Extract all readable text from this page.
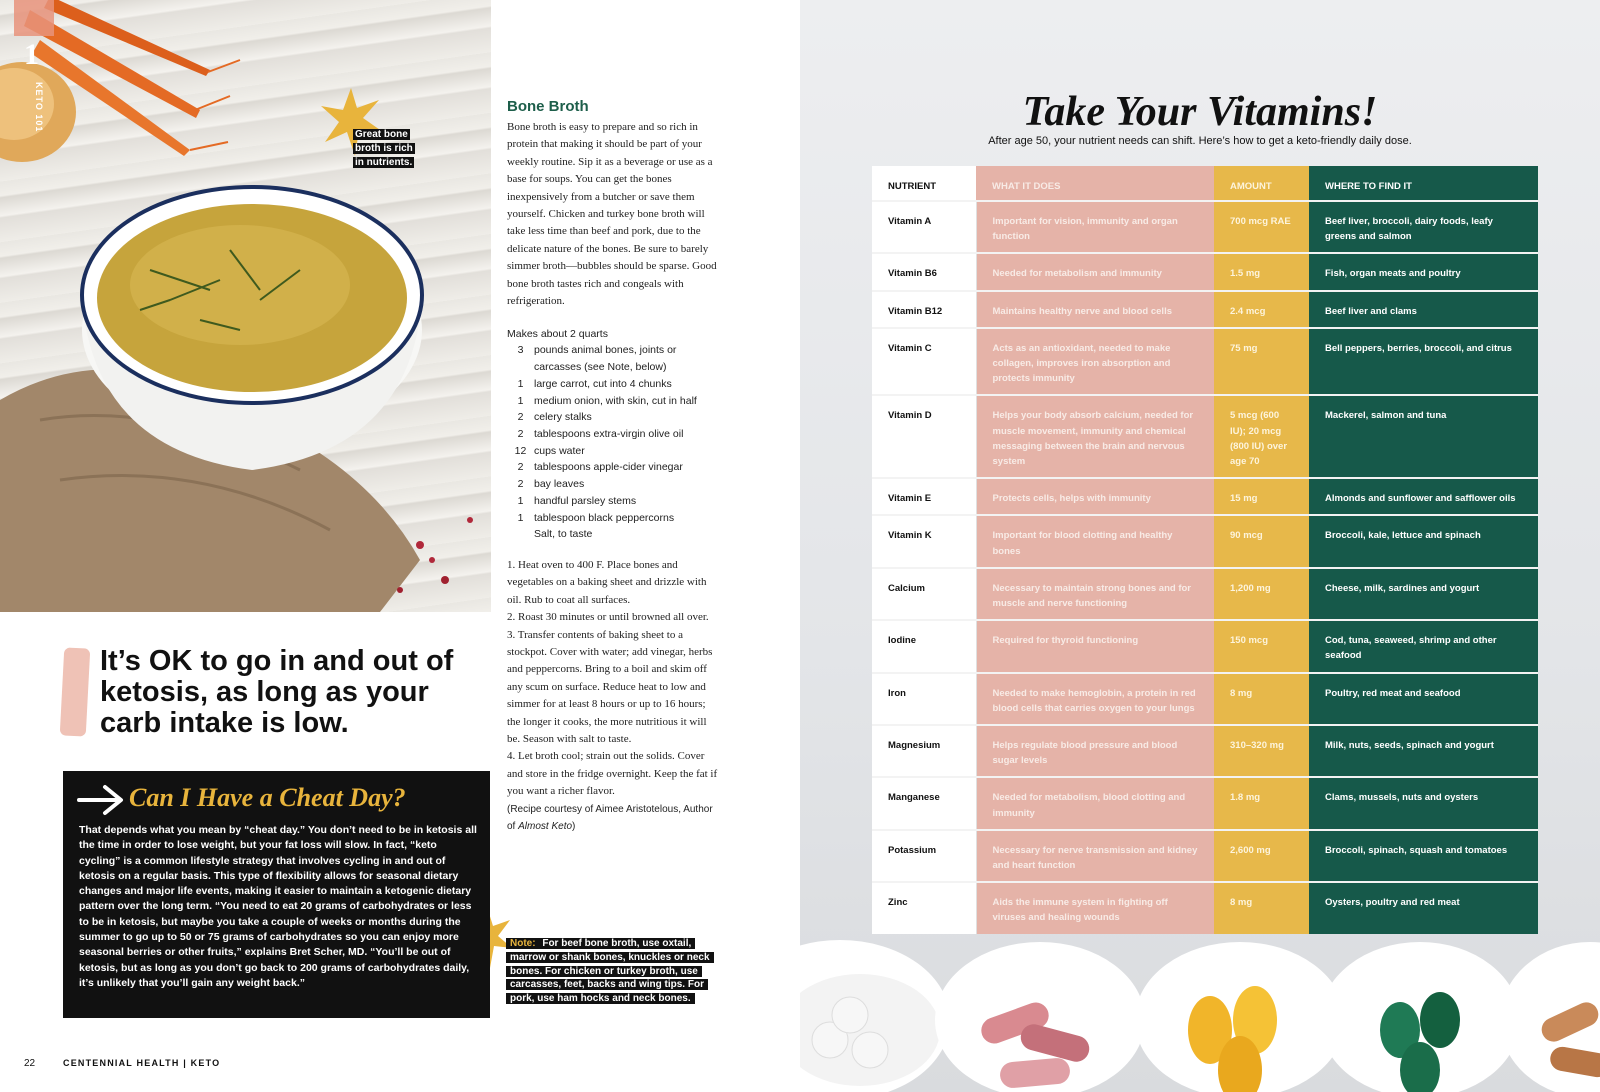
1
KETO 101
Great bone
broth is rich
in nutrients.
Bone Broth

Bone broth is easy to prepare and so rich in protein that making it should be part of your weekly routine. Sip it as a beverage or use as a base for soups. You can get the bones inexpensively from a butcher or save them yourself. Chicken and turkey bone broth will take less time than beef and pork, due to the delicate nature of the bones. Be sure to barely simmer broth—bubbles should be sparse. Good bone broth tastes rich and congeals with refrigeration.

Makes about 2 quarts
3	pounds animal bones, joints or carcasses (see Note, below)
1	large carrot, cut into 4 chunks
1	medium onion, with skin, cut in half
2	celery stalks
2	tablespoons extra-virgin olive oil
12 cups water
2	tablespoons apple-cider vinegar
2	bay leaves
1	handful parsley stems
1	tablespoon black peppercorns
Salt, to taste

1. Heat oven to 400 F. Place bones and vegetables on a baking sheet and drizzle with oil. Rub to coat all surfaces.

2. Roast 30 minutes or until browned all over.

3. Transfer contents of baking sheet to a stockpot. Cover with water; add vinegar, herbs and peppercorns. Bring to a boil and skim off any scum on surface. Reduce heat to low and simmer for at least 8 hours or up to 16 hours; the longer it cooks, the more nutritious it will be. Season with salt to taste.

4. Let broth cool; strain out the solids. Cover and store in the fridge overnight. Keep the fat if you want a richer flavor.

(Recipe courtesy of Aimee Aristotelous, Author of Almost Keto)

Note: For beef bone broth, use oxtail, marrow or shank bones, knuckles or neck bones. For chicken or turkey broth, use carcasses, feet, backs and wing tips. For pork, use ham hocks and neck bones.
It’s OK to go in and out of ketosis, as long as your carb intake is low.
Can I Have a Cheat Day?

That depends what you mean by “cheat day.” You don’t need to be in ketosis all the time in order to lose weight, but your fat loss will slow. In fact, “keto cycling” is a common lifestyle strategy that involves cycling in and out of ketosis on a regular basis. This type of flexibility allows for seasonal dietary changes and major life events, making it easier to maintain a ketogenic dietary pattern over the long term. “You need to eat 20 grams of carbohydrates or less to be in ketosis, but maybe you take a couple of weeks or months during the summer to go up to 50 or 75 grams of carbohydrates so you can enjoy more seasonal berries or other fruits,” explains Bret Scher, MD. “You’ll be out of ketosis, but as long as you don’t go back to 200 grams of carbohydrates daily, it’s unlikely that you’ll gain any weight back.”

22	CENTENNIAL HEALTH | KETO
Take Your Vitamins!
After age 50, your nutrient needs can shift. Here’s how to get a keto-friendly daily dose.
NUTRIENT	WHAT IT DOES	AMOUNT	WHERE TO FIND IT
Vitamin A	Important for vision, immunity and organ function	700 mcg RAE	Beef liver, broccoli, dairy foods, leafy greens and salmon
Vitamin B6	Needed for metabolism and immunity	1.5 mg	Fish, organ meats and poultry
Vitamin B12	Maintains healthy nerve and blood cells	2.4 mcg	Beef liver and clams
Vitamin C	Acts as an antioxidant, needed to make collagen, improves iron absorption and protects immunity	75 mg	Bell peppers, berries, broccoli, and citrus
Vitamin D	Helps your body absorb calcium, needed for muscle movement, immunity and chemical messaging between the brain and nervous system	5 mcg (600 IU); 20 mcg (800 IU) over age 70	Mackerel, salmon and tuna
Vitamin E	Protects cells, helps with immunity	15 mg	Almonds and sunflower and safflower oils
Vitamin K	Important for blood clotting and healthy bones	90 mcg	Broccoli, kale, lettuce and spinach
Calcium	Necessary to maintain strong bones and for muscle and nerve functioning	1,200 mg	Cheese, milk, sardines and yogurt
Iodine	Required for thyroid functioning	150 mcg	Cod, tuna, seaweed, shrimp and other seafood
Iron	Needed to make hemoglobin, a protein in red blood cells that carries oxygen to your lungs	8 mg	Poultry, red meat and seafood
Magnesium	Helps regulate blood pressure and blood sugar levels	310–320 mg	Milk, nuts, seeds, spinach and yogurt
Manganese	Needed for metabolism, blood clotting and immunity	1.8 mg	Clams, mussels, nuts and oysters
Potassium	Necessary for nerve transmission and kidney and heart function	2,600 mg	Broccoli, spinach, squash and tomatoes
Zinc	Aids the immune system in fighting off viruses and healing wounds	8 mg	Oysters, poultry and red meat
